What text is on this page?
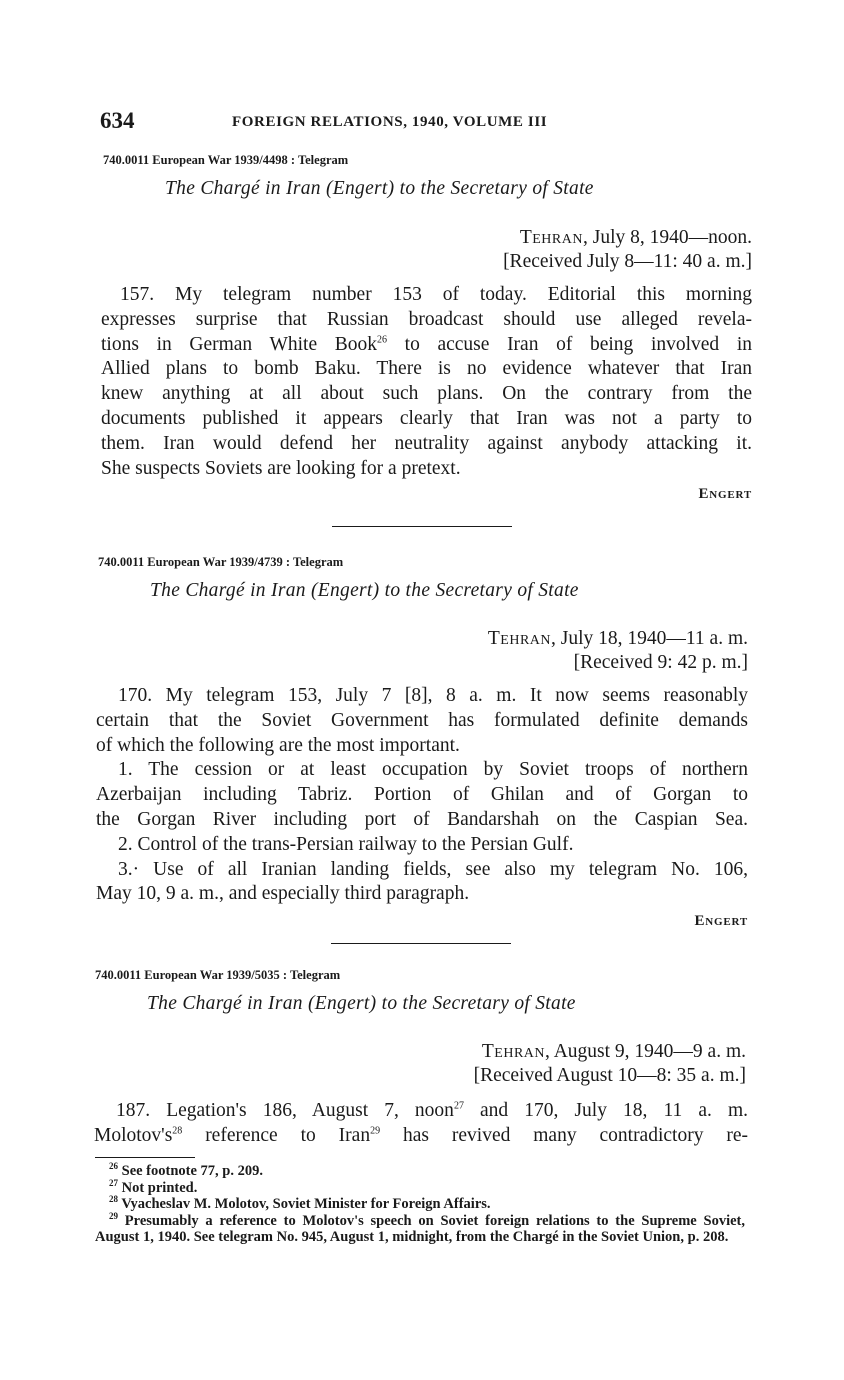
634	FOREIGN RELATIONS, 1940, VOLUME III
740.0011 European War 1939/4498 : Telegram
The Chargé in Iran (Engert) to the Secretary of State
Tehran, July 8, 1940—noon.
[Received July 8—11: 40 a. m.]
157. My telegram number 153 of today. Editorial this morning
expresses surprise that Russian broadcast should use alleged revela-
tions in German White Book$^{26}$ to accuse Iran of being involved in
Allied plans to bomb Baku. There is no evidence whatever that Iran
knew anything at all about such plans. On the contrary from the
documents published it appears clearly that Iran was not a party to
them. Iran would defend her neutrality against anybody attacking it.
She suspects Soviets are looking for a pretext.
Engert
740.0011 European War 1939/4739 : Telegram
The Chargé in Iran (Engert) to the Secretary of State
Tehran, July 18, 1940—11 a. m.
[Received 9: 42 p. m.]
170. My telegram 153, July 7 [8], 8 a. m. It now seems reasonably
certain that the Soviet Government has formulated definite demands
of which the following are the most important.
1. The cession or at least occupation by Soviet troops of northern
Azerbaijan including Tabriz. Portion of Ghilan and of Gorgan to
the Gorgan River including port of Bandarshah on the Caspian Sea.
2. Control of the trans-Persian railway to the Persian Gulf.
3.· Use of all Iranian landing fields, see also my telegram No. 106,
May 10, 9 a. m., and especially third paragraph.
Engert
740.0011 European War 1939/5035 : Telegram
The Chargé in Iran (Engert) to the Secretary of State
Tehran, August 9, 1940—9 a. m.
[Received August 10—8: 35 a. m.]
187. Legation's 186, August 7, noon$^{27}$ and 170, July 18, 11 a. m.
$Molotov's^{28}$ reference to Iran$^{29}$ has revived many contradictory re-
$^{26}$ See footnote 77, p. 209.
$^{27}$ Not printed.
$^{28}$ Vyacheslav M. Molotov, Soviet Minister for Foreign Affairs.
$^{29}$ Presumably a reference to Molotov's speech on Soviet foreign relations to the Supreme Soviet, August 1, 1940. See telegram No. 945, August 1, midnight, from the Chargé in the Soviet Union, p. 208.
